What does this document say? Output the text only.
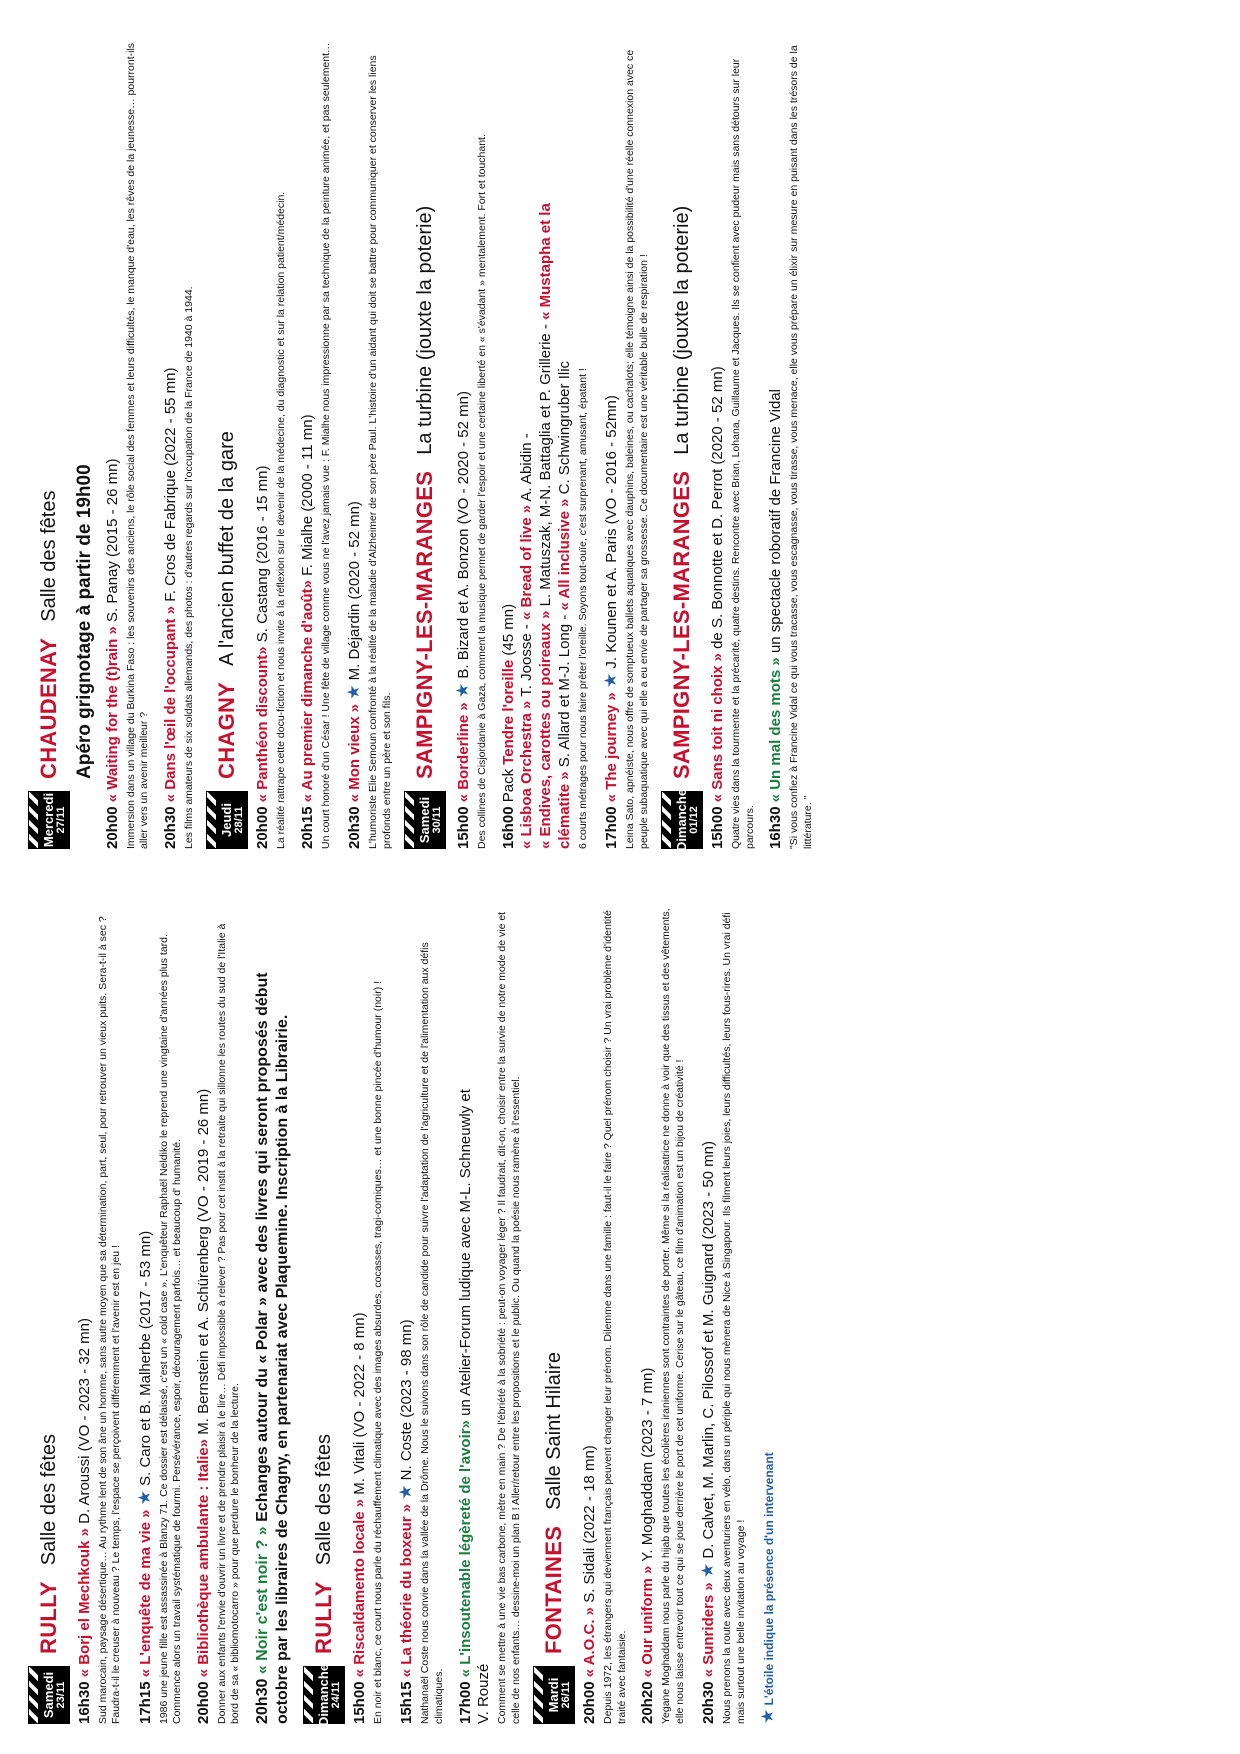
Samedi
23/11
RULLY
Salle des fêtes

16h30 « Borj el Mechkouk » D. Aroussi (VO - 2023 - 32 mn) Sud marocain, paysage désertique… Au rythme lent de son âne un homme, sans autre moyen que sa détermination, part, seul, pour retrouver un vieux puits. Sera-t-il à sec ? Faudra-t-il le creuser à nouveau ? Le temps, l'espace se perçoivent différemment et l'avenir est en jeu ! 17h15 « L'enquête de ma vie » ★ S. Caro et B. Malherbe (2017 - 53 mn) 1986 une jeune fille est assassinée à Blanzy 71. Ce dossier est délaissé, c'est un « cold case ». L'enquêteur Raphaël Neldiko le reprend une vingtaine d'années plus tard. Commence alors un travail systématique de fourmi. Persévérance, espoir, découragement parfois… et beaucoup d' humanité. 20h00 « Bibliothèque ambulante : Italie» M. Bernstein et A. Schürenberg (VO - 2019 - 26 mn) Donner aux enfants l'envie d'ouvrir un livre et de prendre plaisir à le lire… Défi impossible à relever ? Pas pour cet instit à la retraite qui sillonne les routes du sud de l'Italie à bord de sa « bibliomotocarro » pour que perdure le bonheur de la lecture. 20h30 « Noir c'est noir ? » Echanges autour du « Polar » avec des livres qui seront proposés début octobre par les libraires de Chagny, en partenariat avec Plaquemine. Inscription à la Librairie. Dimanche
24/11
RULLY
Salle des fêtes

15h00 « Riscaldamento locale » M. Vitali (VO - 2022 - 8 mn) En noir et blanc, ce court nous parle du réchauffement climatique avec des images absurdes, cocasses, tragi-comiques… et une bonne pincée d'humour (noir) ! 15h15 « La théorie du boxeur » ★ N. Coste (2023 - 98 mn) Nathanaël Coste nous convie dans la vallée de la Drôme. Nous le suivons dans son rôle de candide pour suivre l'adaptation de l'agriculture et de l'alimentation aux défis climatiques. 17h00 « L'insoutenable légèreté de l'avoir» un Atelier-Forum ludique avec M-L. Schneuwly et

V. Rouzé Comment se mettre à une vie bas carbone, mètre en main ? De l'ébriété à la sobriété : peut-on voyager léger ? Il faudrait, dit-on, choisir entre la survie de notre mode de vie et celle de nos enfants… dessine-moi un plan B ! Aller/retour entre les propositions et le public. Ou quand la poésie nous ramène à l'essentiel. Mardi
26/11
FONTAINES
Salle Saint Hilaire

20h00 « A.O.C. » S. Sidali (2022 - 18 mn) Depuis 1972, les étrangers qui deviennent français peuvent changer leur prénom. Dilemme dans une famille : faut-il le faire ? Quel prénom choisir ? Un vrai problème d'identité traité avec fantaisie. 20h20 « Our uniform » Y. Moghaddam (2023 - 7 mn) Yegane Moghaddam nous parle du hijab que toutes les écolières iraniennes sont contraintes de porter. Même si la réalisatrice ne donne à voir que des tissus et des vêtements, elle nous laisse entrevoir tout ce qui se joue derrière le port de cet uniforme. Cerise sur le gâteau, ce film d'animation est un bijou de créativité ! 20h30 « Sunriders » ★ D. Calvet, M. Marlin, C. Pilossof et M. Guignard (2023 - 50 mn) Nous prenons la route avec deux aventuriers en vélo, dans un périple qui nous mènera de Nice à Singapour. Ils filment leurs joies, leurs difficultés, leurs fous-rires. Un vrai défi mais surtout une belle invitation au voyage ! ★ L'étoile indique la présence d'un intervenant
Mercredi
27/11
CHAUDENAY
Salle des fêtes Apéro grignotage à partir de 19h00

20h00 « Waiting for the (t)rain » S. Panay (2015 - 26 mn) Immersion dans un village du Burkina Faso : les souvenirs des anciens, le rôle social des femmes et leurs difficultés, le manque d'eau, les rêves de la jeunesse… pourront-ils aller vers un avenir meilleur ? 20h30 « Dans l'œil de l'occupant » F. Cros de Fabrique (2022 - 55 mn) Les films amateurs de six soldats allemands, des photos : d'autres regards sur l'occupation de la France de 1940 à 1944. Jeudi
28/11
CHAGNY
A l'ancien buffet de la gare

20h00 « Panthéon discount» S. Castang (2016 - 15 mn) La réalité rattrape cette docu-fiction et nous invite à la réflexion sur le devenir de la médecine, du diagnostic et sur la relation patient/médecin. 20h15 « Au premier dimanche d'août» F. Mialhe (2000 - 11 mn) Un court honoré d'un César ! Une fête de village comme vous ne l'avez jamais vue : F. Mialhe nous impressionne par sa technique de la peinture animée, et pas seulement… 20h30 « Mon vieux » ★ M. Déjardin (2020 - 52 mn) L'humoriste Elie Semoun confronté à la réalité de la maladie d'Alzheimer de son père Paul. L'histoire d'un aidant qui doit se battre pour communiquer et conserver les liens profonds entre un père et son fils. Samedi
30/11
SAMPIGNY-LES-MARANGES
La turbine (jouxte la poterie)

15h00 « Borderline » ★ B. Bizard et A. Bonzon (VO - 2020 - 52 mn) Des collines de Cisjordanie à Gaza, comment la musique permet de garder l'espoir et une certaine liberté en « s'évadant » mentalement. Fort et touchant. 16h00 Pack Tendre l'oreille (45 mn)

« Lisboa Orchestra » T. Joosse - « Bread of live » A. Abidin -

« Endives, carottes ou poireaux » L. Matuszak, M-N. Battaglia et P. Grillerie - « Mustapha et la

clématite » S. Allard et M-J. Long - « All inclusive » C. Schwingruber Ilic 6 courts métrages pour nous faire prêter l'oreille. Soyons tout-ouïe, c'est surprenant, amusant, épatant ! 17h00 « The journey » ★ J. Kounen et A. Paris (VO - 2016 - 52mn) Leina Sato, apnéiste, nous offre de somptueux ballets aquatiques avec dauphins, baleines, ou cachalots; elle témoigne ainsi de la possibilité d'une réelle connexion avec ce peuple subaquatique avec qui elle a eu envie de partager sa grossesse. Ce documentaire est une véritable bulle de respiration ! Dimanche
01/12
SAMPIGNY-LES-MARANGES
La turbine (jouxte la poterie)

15h00 « Sans toit ni choix » de S. Bonnotte et D. Perrot (2020 - 52 mn) Quatre vies dans la tourmente et la précarité, quatre destins. Rencontre avec Brian, Lohana, Guillaume et Jacques. Ils se confient avec pudeur mais sans détours sur leur parcours. 16h30 « Un mal des mots » un spectacle roboratif de Francine Vidal "Si vous confiez à Francine Vidal ce qui vous tracasse, vous escagnasse, vous tirasse, vous menace, elle vous prépare un élixir sur mesure en puisant dans les trésors de la littérature. "
